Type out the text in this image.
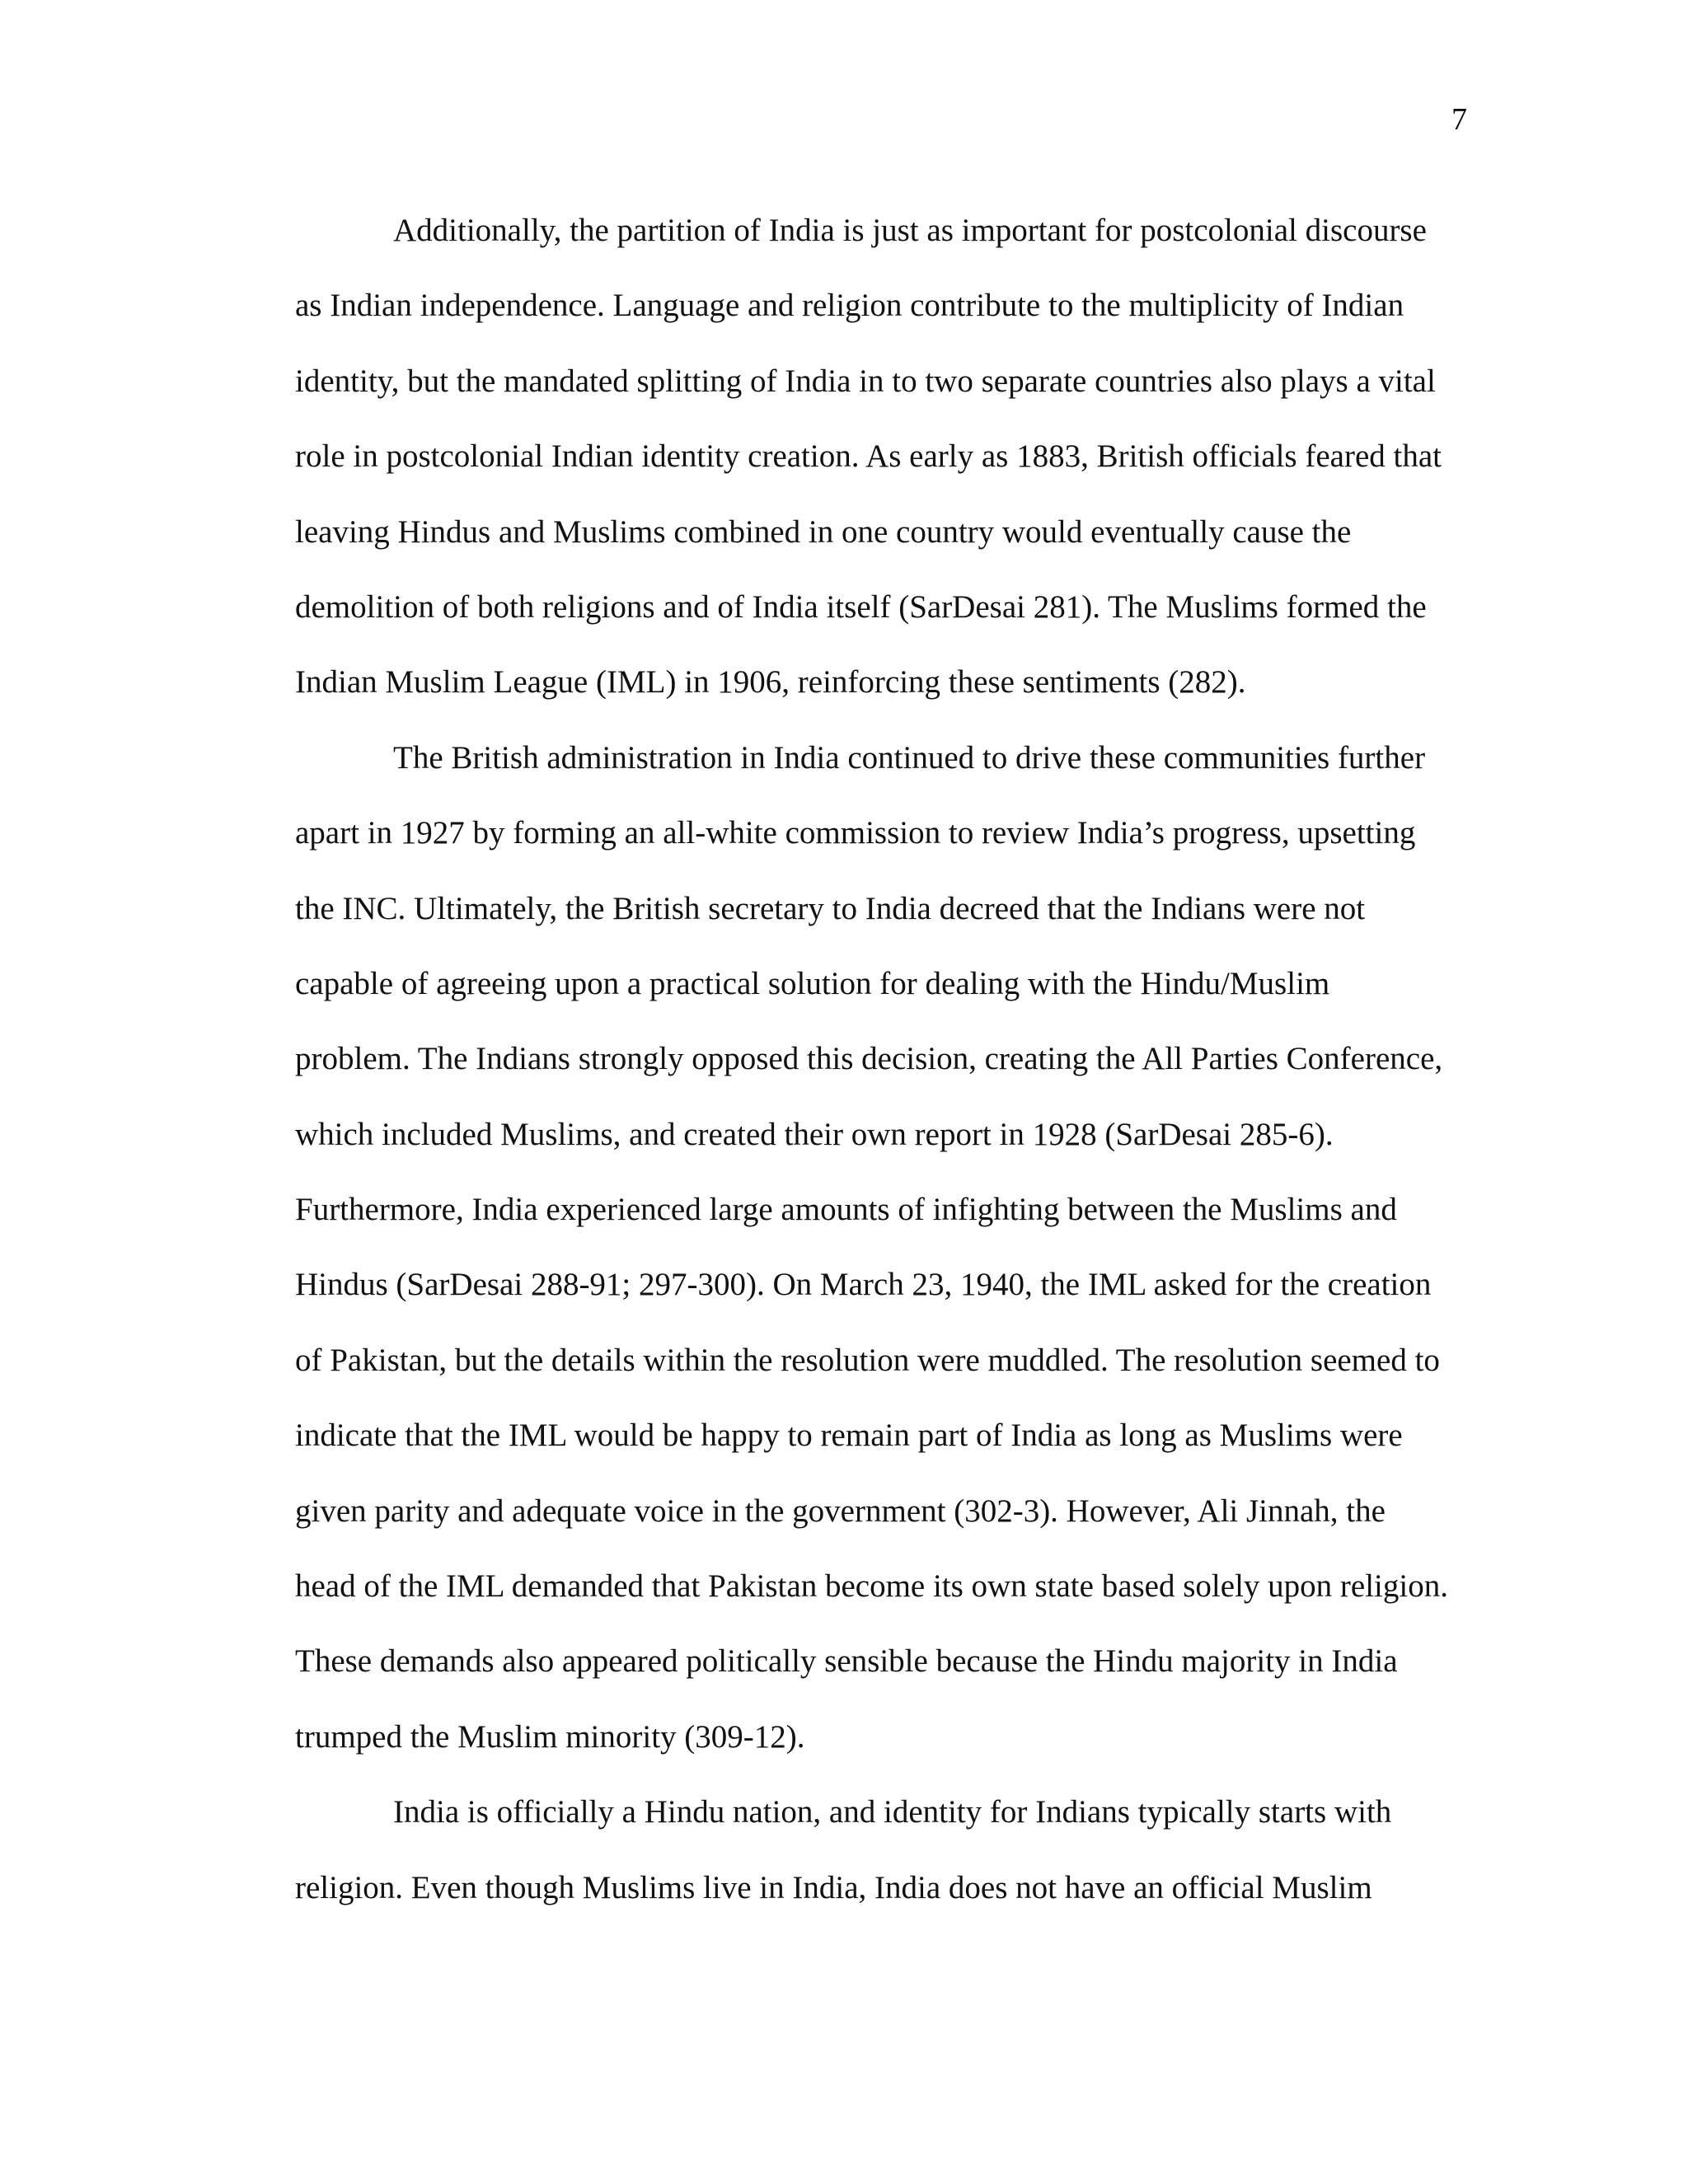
7
Additionally, the partition of India is just as important for postcolonial discourse
as Indian independence. Language and religion contribute to the multiplicity of Indian
identity, but the mandated splitting of India in to two separate countries also plays a vital
role in postcolonial Indian identity creation. As early as 1883, British officials feared that
leaving Hindus and Muslims combined in one country would eventually cause the
demolition of both religions and of India itself (SarDesai 281). The Muslims formed the
Indian Muslim League (IML) in 1906, reinforcing these sentiments (282).
The British administration in India continued to drive these communities further
apart in 1927 by forming an all-white commission to review India’s progress, upsetting
the INC. Ultimately, the British secretary to India decreed that the Indians were not
capable of agreeing upon a practical solution for dealing with the Hindu/Muslim
problem. The Indians strongly opposed this decision, creating the All Parties Conference,
which included Muslims, and created their own report in 1928 (SarDesai 285-6).
Furthermore, India experienced large amounts of infighting between the Muslims and
Hindus (SarDesai 288-91; 297-300). On March 23, 1940, the IML asked for the creation
of Pakistan, but the details within the resolution were muddled. The resolution seemed to
indicate that the IML would be happy to remain part of India as long as Muslims were
given parity and adequate voice in the government (302-3). However, Ali Jinnah, the
head of the IML demanded that Pakistan become its own state based solely upon religion.
These demands also appeared politically sensible because the Hindu majority in India
trumped the Muslim minority (309-12).
India is officially a Hindu nation, and identity for Indians typically starts with
religion. Even though Muslims live in India, India does not have an official Muslim
